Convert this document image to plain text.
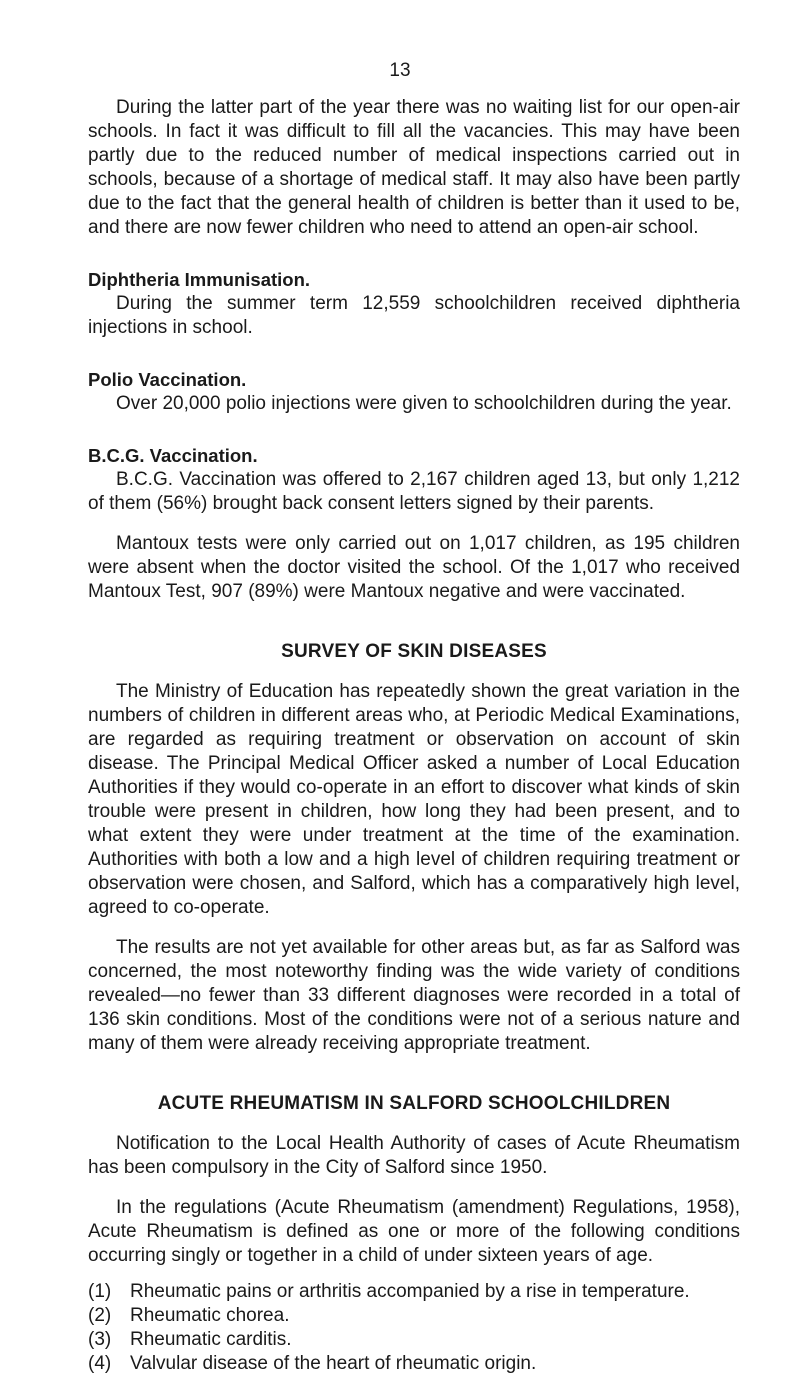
13

During the latter part of the year there was no waiting list for our open-air schools. In fact it was difficult to fill all the vacancies. This may have been partly due to the reduced number of medical inspections carried out in schools, because of a shortage of medical staff. It may also have been partly due to the fact that the general health of children is better than it used to be, and there are now fewer children who need to attend an open-air school.

Diphtheria Immunisation.

During the summer term 12,559 schoolchildren received diphtheria injections in school.

Polio Vaccination.

Over 20,000 polio injections were given to schoolchildren during the year.

B.C.G. Vaccination.

B.C.G. Vaccination was offered to 2,167 children aged 13, but only 1,212 of them (56%) brought back consent letters signed by their parents.

Mantoux tests were only carried out on 1,017 children, as 195 children were absent when the doctor visited the school. Of the 1,017 who received Mantoux Test, 907 (89%) were Mantoux negative and were vaccinated.

SURVEY OF SKIN DISEASES

The Ministry of Education has repeatedly shown the great variation in the numbers of children in different areas who, at Periodic Medical Examinations, are regarded as requiring treatment or observation on account of skin disease. The Principal Medical Officer asked a number of Local Education Authorities if they would co-operate in an effort to discover what kinds of skin trouble were present in children, how long they had been present, and to what extent they were under treatment at the time of the examination. Authorities with both a low and a high level of children requiring treatment or observation were chosen, and Salford, which has a comparatively high level, agreed to co-operate.

The results are not yet available for other areas but, as far as Salford was concerned, the most noteworthy finding was the wide variety of conditions revealed—no fewer than 33 different diagnoses were recorded in a total of 136 skin conditions. Most of the conditions were not of a serious nature and many of them were already receiving appropriate treatment.

ACUTE RHEUMATISM IN SALFORD SCHOOLCHILDREN

Notification to the Local Health Authority of cases of Acute Rheumatism has been compulsory in the City of Salford since 1950.

In the regulations (Acute Rheumatism (amendment) Regulations, 1958), Acute Rheumatism is defined as one or more of the following conditions occurring singly or together in a child of under sixteen years of age.

(1) Rheumatic pains or arthritis accompanied by a rise in temperature.
(2) Rheumatic chorea.
(3) Rheumatic carditis.
(4) Valvular disease of the heart of rheumatic origin.
